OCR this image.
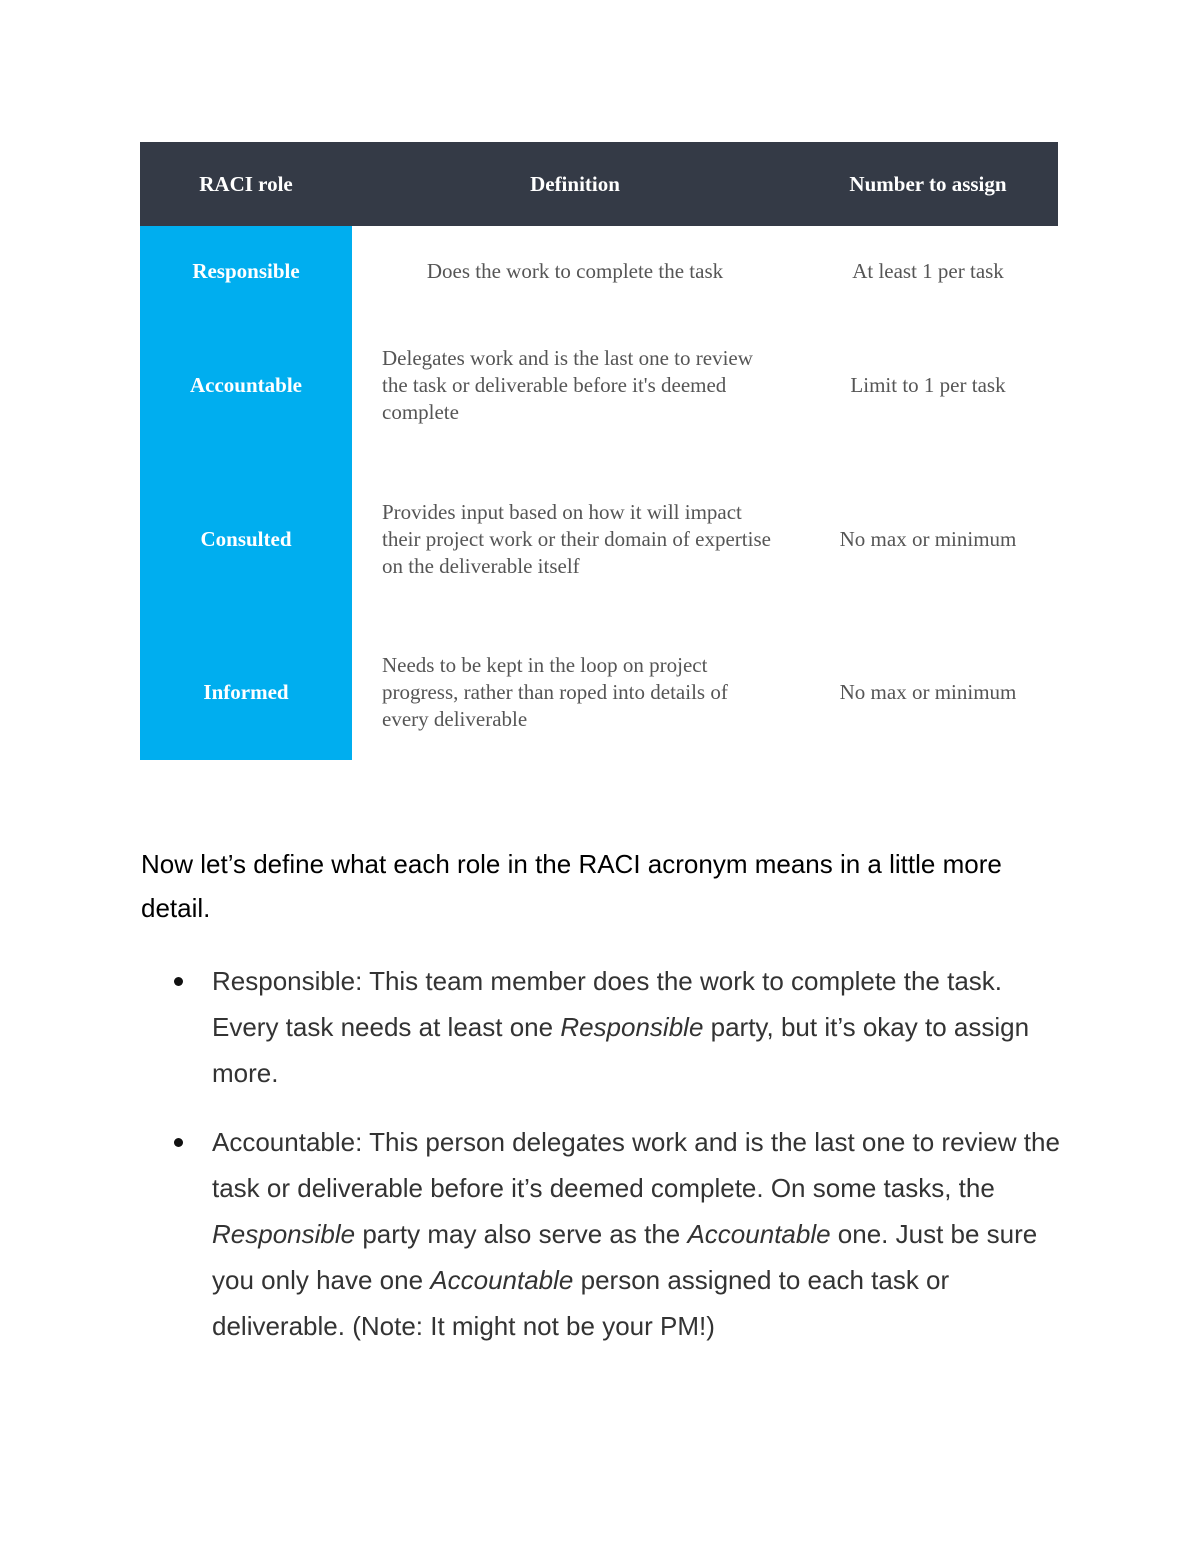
RACI role	Definition	Number to assign
Responsible	Does the work to complete the task	At least 1 per task
Accountable	Delegates work and is the last one to review the task or deliverable before it's deemed complete	Limit to 1 per task
Consulted	Provides input based on how it will impact their project work or their domain of expertise on the deliverable itself	No max or minimum
Informed	Needs to be kept in the loop on project progress, rather than roped into details of every deliverable	No max or minimum

Now let’s define what each role in the RACI acronym means in a little more detail.

Responsible: This team member does the work to complete the task. Every task needs at least one Responsible party, but it’s okay to assign more.
Accountable: This person delegates work and is the last one to review the task or deliverable before it’s deemed complete. On some tasks, the Responsible party may also serve as the Accountable one. Just be sure you only have one Accountable person assigned to each task or deliverable. (Note: It might not be your PM!)
